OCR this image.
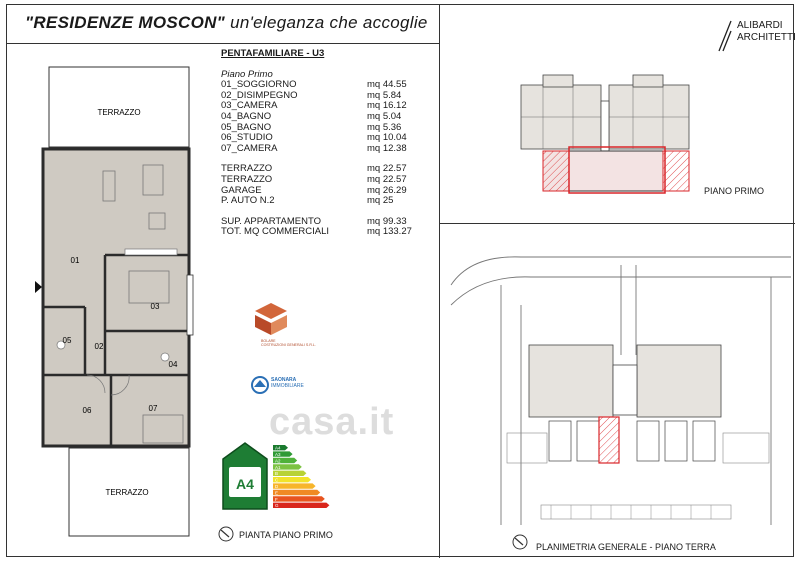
"RESIDENZE MOSCON" un'eleganza che accoglie	ALIBARDI
ARCHITETTI
TERRAZZO
01
02
03
04
05
06	07
TERRAZZO
PENTAFAMILIARE - U3
Piano Primo
01_SOGGIORNO	mq 44.55
02_DISIMPEGNO	mq 5.84
03_CAMERA	mq 16.12
04_BAGNO	mq 5.04
05_BAGNO	mq 5.36
06_STUDIO	mq 10.04
07_CAMERA	mq 12.38
TERRAZZO	mq 22.57
TERRAZZO	mq 22.57
GARAGE	mq 26.29
P. AUTO N.2	mq 25
SUP. APPARTAMENTO	mq 99.33
TOT. MQ COMMERCIALI	mq 133.27
BOLARE
COSTRUZIONI GENERALI S.R.L.
SAONARA
IMMOBILIARE
casa.it
A4
A4
A3
A2
A1
B
C
D
E
F
G
PIANTA PIANO PRIMO
PIANO PRIMO
PLANIMETRIA GENERALE - PIANO TERRA
